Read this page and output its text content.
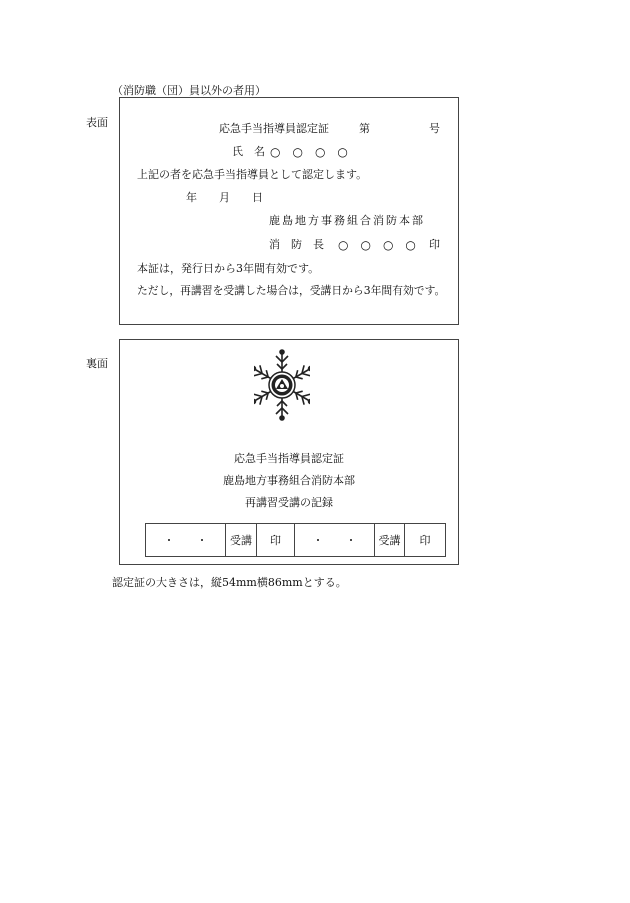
（消防職（団）員以外の者用）
表面	応急手当指導員認定証	第	号
氏　名 ○　○　○　○
上記の者を応急手当指導員として認定します。
年　　月　　日
鹿島地方事務組合消防本部
消　防　長 ○　○　○　○ 印
本証は，発行日から3年間有効です。
ただし，再講習を受講した場合は，受講日から3年間有効です。
裏面
応急手当指導員認定証
鹿島地方事務組合消防本部
再講習受講の記録
・　　・	受講	印	・　　・	受講	印
認定証の大きさは，縦54mm横86mmとする。
